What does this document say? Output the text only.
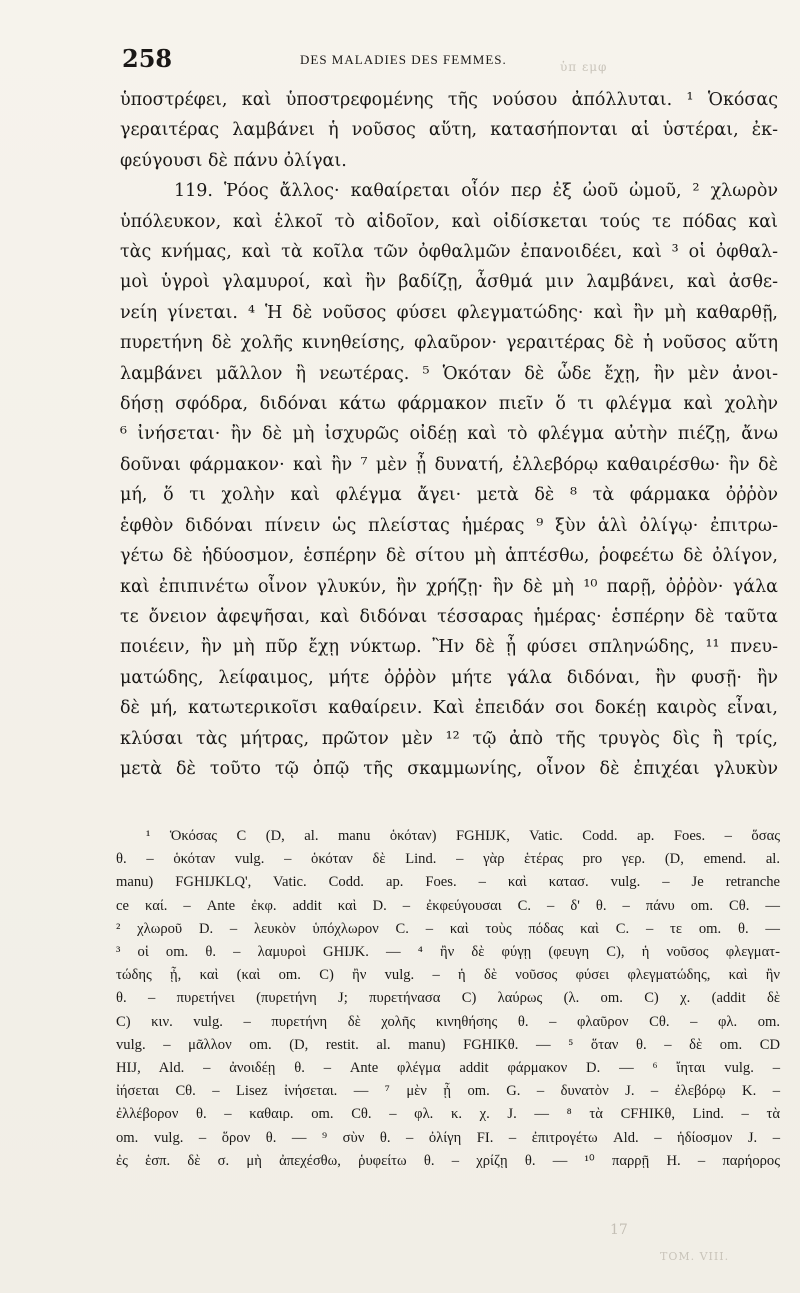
ὑπ εμφ
17
TOM. VIII.
258	DES MALADIES DES FEMMES.
ὑποστρέφει, καὶ ὑποστρεφομένης τῆς νούσου ἀπόλλυται. ¹ Ὁκόσας
γεραιτέρας λαμβάνει ἡ νοῦσος αὕτη, κατασήπονται αἱ ὑστέραι, ἐκ-
φεύγουσι δὲ πάνυ ὀλίγαι.
119. Ῥόος ἄλλος· καθαίρεται οἷόν περ ἐξ ὠοῦ ὠμοῦ, ² χλωρὸν
ὑπόλευκον, καὶ ἑλκοῖ τὸ αἰδοῖον, καὶ οἰδίσκεται τούς τε πόδας καὶ
τὰς κνήμας, καὶ τὰ κοῖλα τῶν ὀφθαλμῶν ἐπανοιδέει, καὶ ³ οἱ ὀφθαλ-
μοὶ ὑγροὶ γλαμυροί, καὶ ἢν βαδίζῃ, ἆσθμά μιν λαμβάνει, καὶ ἀσθε-
νείη γίνεται. ⁴ Ἡ δὲ νοῦσος φύσει φλεγματώδης· καὶ ἢν μὴ καθαρθῇ,
πυρετήνη δὲ χολῆς κινηθείσης, φλαῦρον· γεραιτέρας δὲ ἡ νοῦσος αὕτη
λαμβάνει μᾶλλον ἢ νεωτέρας. ⁵ Ὁκόταν δὲ ὧδε ἔχῃ, ἢν μὲν ἀνοι-
δήσῃ σφόδρα, διδόναι κάτω φάρμακον πιεῖν ὅ τι φλέγμα καὶ χολὴν
⁶ ἰνήσεται· ἢν δὲ μὴ ἰσχυρῶς οἰδέῃ καὶ τὸ φλέγμα αὐτὴν πιέζῃ, ἄνω
δοῦναι φάρμακον· καὶ ἢν ⁷ μὲν ᾖ δυνατή, ἐλλεβόρῳ καθαιρέσθω· ἢν δὲ
μή, ὅ τι χολὴν καὶ φλέγμα ἄγει· μετὰ δὲ ⁸ τὰ φάρμακα ὀῤῥὸν
ἑφθὸν διδόναι πίνειν ὡς πλείστας ἡμέρας ⁹ ξὺν ἁλὶ ὀλίγῳ· ἐπιτρω-
γέτω δὲ ἡδύοσμον, ἑσπέρην δὲ σίτου μὴ ἁπτέσθω, ῥοφεέτω δὲ ὀλίγον,
καὶ ἐπιπινέτω οἶνον γλυκύν, ἢν χρήζῃ· ἢν δὲ μὴ ¹⁰ παρῇ, ὀῤῥὸν· γάλα
τε ὄνειον ἀφεψῆσαι, καὶ διδόναι τέσσαρας ἡμέρας· ἑσπέρην δὲ ταῦτα
ποιέειν, ἢν μὴ πῦρ ἔχῃ νύκτωρ. Ἢν δὲ ᾖ φύσει σπληνώδης, ¹¹ πνευ-
ματώδης, λείφαιμος, μήτε ὀῤῥὸν μήτε γάλα διδόναι, ἢν φυσῇ· ἢν
δὲ μή, κατωτερικοῖσι καθαίρειν. Καὶ ἐπειδάν σοι δοκέῃ καιρὸς εἶναι,
κλύσαι τὰς μήτρας, πρῶτον μὲν ¹² τῷ ἀπὸ τῆς τρυγὸς δὶς ἢ τρίς,
μετὰ δὲ τοῦτο τῷ ὀπῷ τῆς σκαμμωνίης, οἶνον δὲ ἐπιχέαι γλυκὺν
¹ Ὁκόσας C (D, al. manu ὁκόταν) FGHIJK, Vatic. Codd. ap. Foes. – ὅσας
θ. – ὁκόταν vulg. – ὁκόταν δὲ Lind. – γὰρ ἑτέρας pro γερ. (D, emend. al.
manu) FGHIJKLQ', Vatic. Codd. ap. Foes. – καὶ κατασ. vulg. – Je retranche
ce καί. – Ante ἐκφ. addit καὶ D. – ἐκφεύγουσαι C. – δ' θ. – πάνυ om. Cθ. —
² χλωροῦ D. – λευκὸν ὑπόχλωρον C. – καὶ τοὺς πόδας καὶ C. – τε om. θ. —
³ οἱ om. θ. – λαμυροὶ GHIJK. — ⁴ ἢν δὲ φύγῃ (φευγη C), ἡ νοῦσος φλεγματ-
τώδης ᾖ, καὶ (καὶ om. C) ἢν vulg. – ἡ δὲ νοῦσος φύσει φλεγματώδης, καὶ ἢν
θ. – πυρετήνει (πυρετήνη J; πυρετήνασα C) λαύρως (λ. om. C) χ. (addit δὲ
C) κιν. vulg. – πυρετήνη δὲ χολῆς κινηθήσης θ. – φλαῦρον Cθ. – φλ. om.
vulg. – μᾶλλον om. (D, restit. al. manu) FGHIKθ. — ⁵ ὅταν θ. – δὲ om. CD
HIJ, Ald. – ἀνοιδέῃ θ. – Ante φλέγμα addit φάρμακον D. — ⁶ ἴηται vulg. –
ἰήσεται Cθ. – Lisez ἰνήσεται. — ⁷ μὲν ᾖ om. G. – δυνατὸν J. – ἐλεβόρῳ K. –
ἐλλέβορον θ. – καθαιρ. om. Cθ. – φλ. κ. χ. J. — ⁸ τὰ CFHIKθ, Lind. – τὰ
om. vulg. – ὅρον θ. — ⁹ σὺν θ. – ὀλίγη FI. – ἐπιτρογέτω Ald. – ἡδίοσμον J. –
ἐς ἑσπ. δὲ σ. μὴ ἀπεχέσθω, ῥυφείτω θ. – χρίζῃ θ. — ¹⁰ παρρῇ H. – παρήορος
